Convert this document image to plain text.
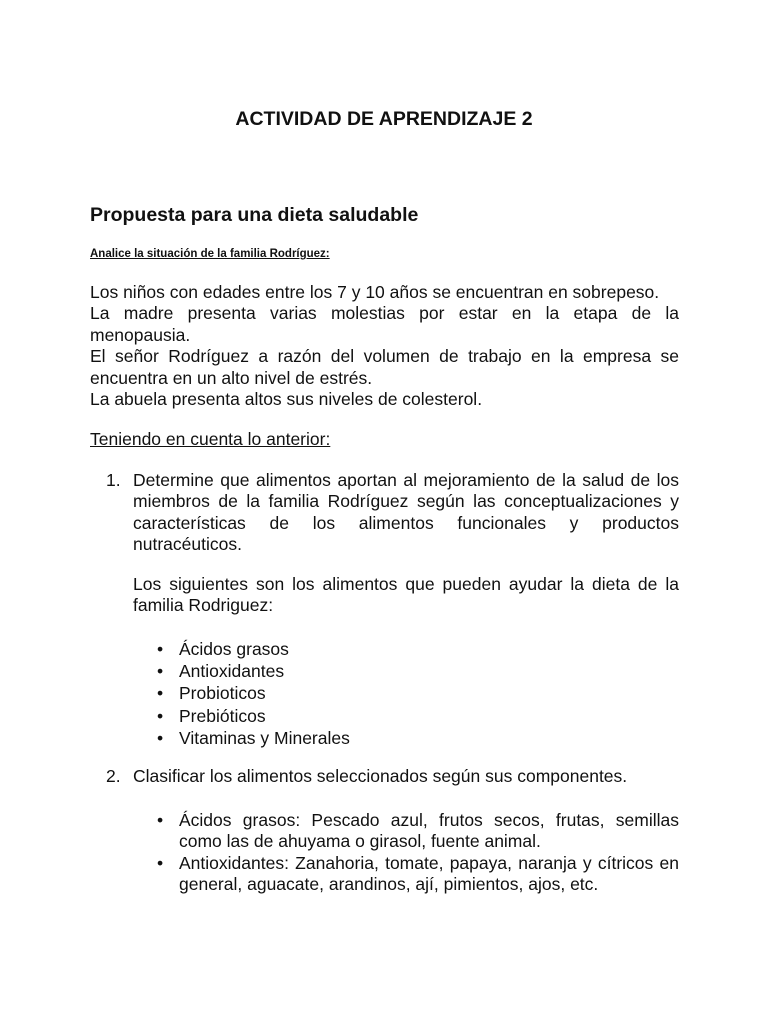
ACTIVIDAD DE APRENDIZAJE 2
Propuesta para una dieta saludable

Analice la situación de la familia Rodríguez:

Los niños con edades entre los 7 y 10 años se encuentran en sobrepeso.
La madre presenta varias molestias por estar en la etapa de la
menopausia.
El señor Rodríguez a razón del volumen de trabajo en la empresa se
encuentra en un alto nivel de estrés.
La abuela presenta altos sus niveles de colesterol.

Teniendo en cuenta lo anterior:

1. Determine que alimentos aportan al mejoramiento de la salud de los miembros de la familia Rodríguez según las conceptualizaciones y características de los alimentos funcionales y productos nutracéuticos.

Los siguientes son los alimentos que pueden ayudar la dieta de la familia Rodriguez:

• Ácidos grasos
• Antioxidantes
• Probioticos
• Prebióticos
• Vitaminas y Minerales
2. Clasificar los alimentos seleccionados según sus componentes.
• Ácidos grasos: Pescado azul, frutos secos, frutas, semillas como las de ahuyama o girasol, fuente animal.
• Antioxidantes: Zanahoria, tomate, papaya, naranja y cítricos en general, aguacate, arandinos, ají, pimientos, ajos, etc.
